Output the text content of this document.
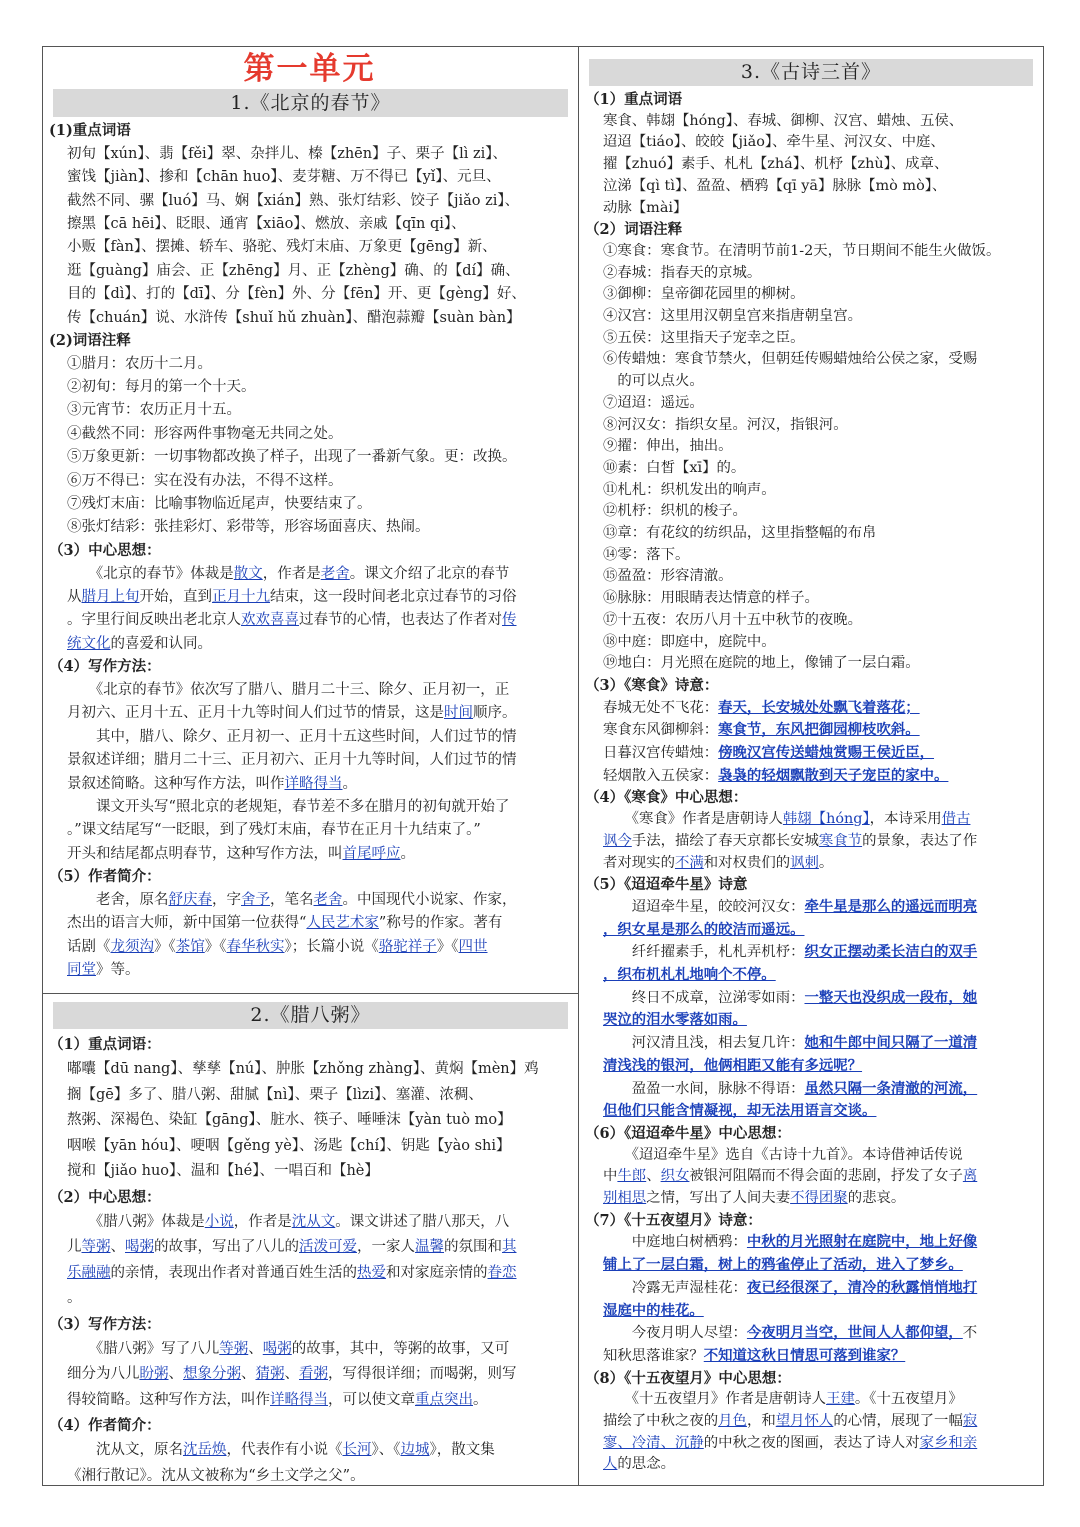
第一单元
1.《北京的春节》
(1)重点词语
初旬【xún】、翡【fěi】翠、杂拌儿、榛【zhēn】子、栗子【lì zi】、
蜜饯【jiàn】、掺和【chān huo】、麦芽糖、万不得已【yǐ】、元旦、
截然不同、骡【luó】马、娴【xián】熟、张灯结彩、饺子【jiǎo zi】、
擦黑【cā hēi】、眨眼、通宵【xiāo】、燃放、亲戚【qīn qi】、
小贩【fàn】、摆摊、轿车、骆驼、残灯末庙、万象更【gēng】新、
逛【guàng】庙会、正【zhēng】月、正【zhèng】确、的【dí】确、
目的【dì】、打的【dī】、分【fèn】外、分【fēn】开、更【gèng】好、
传【chuán】说、水浒传【shuǐ hǔ zhuàn】、醋泡蒜瓣【suàn bàn】
(2)词语注释
①腊月：农历十二月。
②初旬：每月的第一个十天。
③元宵节：农历正月十五。
④截然不同：形容两件事物毫无共同之处。
⑤万象更新：一切事物都改换了样子，出现了一番新气象。更：改换。
⑥万不得已：实在没有办法，不得不这样。
⑦残灯末庙：比喻事物临近尾声，快要结束了。
⑧张灯结彩：张挂彩灯、彩带等，形容场面喜庆、热闹。
（3）中心思想：
　　《北京的春节》体裁是散文，作者是老舍。课文介绍了北京的春节
从腊月上旬开始，直到正月十九结束，这一段时间老北京过春节的习俗
。字里行间反映出老北京人欢欢喜喜过春节的心情，也表达了作者对传
统文化的喜爱和认同。
（4）写作方法：
　　《北京的春节》依次写了腊八、腊月二十三、除夕、正月初一，正
月初六、正月十五、正月十九等时间人们过节的情景，这是时间顺序。
　　其中，腊八、除夕、正月初一、正月十五这些时间，人们过节的情
景叙述详细；腊月二十三、正月初六、正月十九等时间，人们过节的情
景叙述简略。这种写作方法，叫作详略得当。
　　课文开头写“照北京的老规矩，春节差不多在腊月的初旬就开始了
。”课文结尾写“一眨眼，到了残灯末庙，春节在正月十九结束了。”
开头和结尾都点明春节，这种写作方法，叫首尾呼应。
（5）作者简介：
　　老舍，原名舒庆春，字舍予，笔名老舍。中国现代小说家、作家，
杰出的语言大师，新中国第一位获得“人民艺术家”称号的作家。著有
话剧《龙须沟》《茶馆》《春华秋实》；长篇小说《骆驼祥子》《四世
同堂》等。
2.《腊八粥》
（1）重点词语：
嘟囔【dū nang】、孳孳【nú】、肿胀【zhǒng zhàng】、黄焖【mèn】鸡
搁【gē】多了、腊八粥、甜腻【nì】、栗子【lìzi】、塞灌、浓稠、
熬粥、深褐色、染缸【gāng】、脏水、筷子、唾唾沫【yàn tuò mo】
咽喉【yān hóu】、哽咽【gěng yè】、汤匙【chí】、钥匙【yào shi】
搅和【jiǎo huo】、温和【hé】、一唱百和【hè】
（2）中心思想：
　　《腊八粥》体裁是小说，作者是沈从文。课文讲述了腊八那天，八
儿等粥、喝粥的故事，写出了八儿的活泼可爱，一家人温馨的氛围和其
乐融融的亲情，表现出作者对普通百姓生活的热爱和对家庭亲情的眷恋
。
（3）写作方法：
　　《腊八粥》写了八儿等粥、喝粥的故事，其中，等粥的故事，又可
细分为八儿盼粥、想象分粥、猜粥、看粥，写得很详细；而喝粥，则写
得较简略。这种写作方法，叫作详略得当，可以使文章重点突出。
（4）作者简介：
　　沈从文，原名沈岳焕，代表作有小说《长河》、《边城》，散文集
《湘行散记》。沈从文被称为“乡土文学之父”。
3.《古诗三首》
（1）重点词语
寒食、韩翃【hóng】、春城、御柳、汉宫、蜡烛、五侯、
迢迢【tiáo】、皎皎【jiǎo】、牵牛星、河汉女、中庭、
擢【zhuó】素手、札札【zhá】、机杼【zhù】、成章、
泣涕【qì tì】、盈盈、栖鸦【qī yā】脉脉【mò mò】、
动脉【mài】
（2）词语注释
①寒食：寒食节。在清明节前1-2天，节日期间不能生火做饭。
②春城：指春天的京城。
③御柳：皇帝御花园里的柳树。
④汉宫：这里用汉朝皇宫来指唐朝皇宫。
⑤五侯：这里指天子宠幸之臣。
⑥传蜡烛：寒食节禁火，但朝廷传赐蜡烛给公侯之家，受赐
　的可以点火。
⑦迢迢：遥远。
⑧河汉女：指织女星。河汉，指银河。
⑨擢：伸出，抽出。
⑩素：白皙【xī】的。
⑪札札：织机发出的响声。
⑫机杼：织机的梭子。
⑬章：有花纹的纺织品，这里指整幅的布帛
⑭零：落下。
⑮盈盈：形容清澈。
⑯脉脉：用眼睛表达情意的样子。
⑰十五夜：农历八月十五中秋节的夜晚。
⑱中庭：即庭中，庭院中。
⑲地白：月光照在庭院的地上，像铺了一层白霜。
（3）《寒食》诗意：
春城无处不飞花：春天，长安城处处飘飞着落花；
寒食东风御柳斜：寒食节，东风把御园柳枝吹斜。
日暮汉宫传蜡烛：傍晚汉宫传送蜡烛赏赐王侯近臣，
轻烟散入五侯家：袅袅的轻烟飘散到天子宠臣的家中。
（4）《寒食》中心思想：
　　《寒食》作者是唐朝诗人韩翃【hóng】，本诗采用借古
讽今手法，描绘了春天京都长安城寒食节的景象，表达了作
者对现实的不满和对权贵们的讽刺。
（5）《迢迢牵牛星》诗意
　　迢迢牵牛星，皎皎河汉女：牵牛星是那么的遥远而明亮
，织女星是那么的皎洁而遥远。
　　纤纤擢素手，札札弄机杼：织女正摆动柔长洁白的双手
，织布机札札地响个不停。
　　终日不成章，泣涕零如雨：一整天也没织成一段布，她
哭泣的泪水零落如雨。
　　河汉清且浅，相去复几许：她和牛郎中间只隔了一道清
清浅浅的银河，他俩相距又能有多远呢？
　　盈盈一水间，脉脉不得语：虽然只隔一条清澈的河流，
但他们只能含情凝视，却无法用语言交谈。
（6）《迢迢牵牛星》中心思想：
　　《迢迢牵牛星》选自《古诗十九首》。本诗借神话传说
中牛郎、织女被银河阻隔而不得会面的悲剧，抒发了女子离
别相思之情，写出了人间夫妻不得团聚的悲哀。
（7）《十五夜望月》诗意：
　　中庭地白树栖鸦：中秋的月光照射在庭院中，地上好像
铺上了一层白霜，树上的鸦雀停止了活动，进入了梦乡。
　　冷露无声湿桂花：夜已经很深了，清冷的秋露悄悄地打
湿庭中的桂花。
　　今夜月明人尽望：今夜明月当空，世间人人都仰望，不
知秋思落谁家？不知道这秋日情思可落到谁家？
（8）《十五夜望月》中心思想：
　　《十五夜望月》作者是唐朝诗人王建。《十五夜望月》
描绘了中秋之夜的月色，和望月怀人的心情，展现了一幅寂
寥、冷清、沉静的中秋之夜的图画，表达了诗人对家乡和亲
人的思念。
